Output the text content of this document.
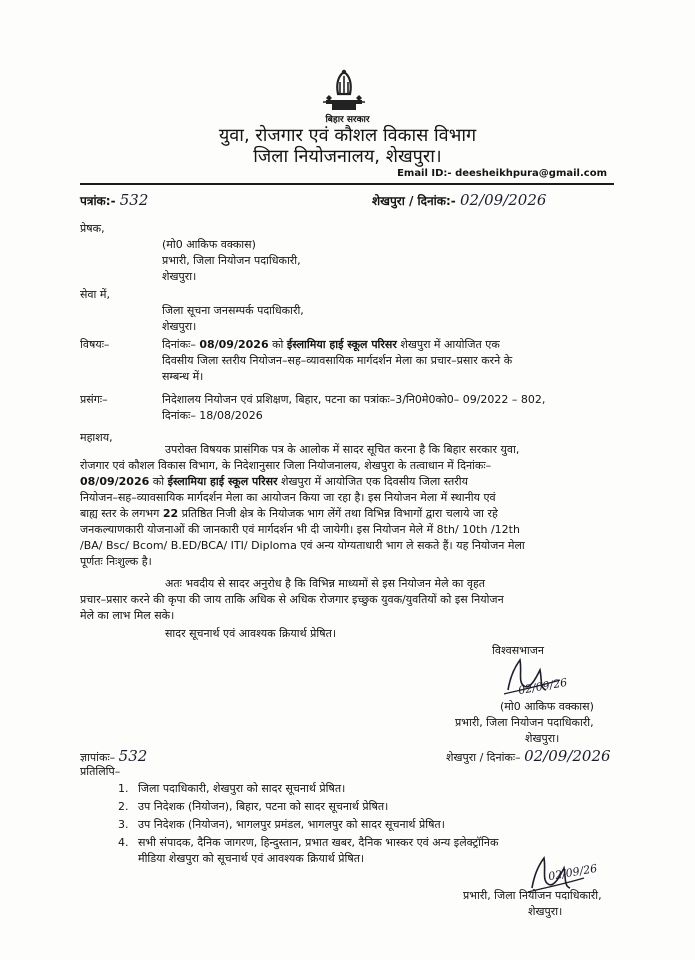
बिहार सरकार
युवा, रोजगार एवं कौशल विकास विभाग
जिला नियोजनालय, शेखपुरा।
Email ID:- deesheikhpura@gmail.com
पत्रांक:- 532	शेखपुरा / दिनांक:- 02/09/2026
प्रेषक,
(मो0 आकिफ वक्कास)
प्रभारी, जिला नियोजन पदाधिकारी,
शेखपुरा।
सेवा में,
जिला सूचना जनसम्पर्क पदाधिकारी,
शेखपुरा।
विषयः–	दिनांकः– 08/09/2026 को ईस्लामिया हाई स्कूल परिसर शेखपुरा में आयोजित एक
दिवसीय जिला स्तरीय नियोजन–सह–व्यावसायिक मार्गदर्शन मेला का प्रचार–प्रसार करने के
सम्बन्ध में।
प्रसंगः–	निदेशालय नियोजन एवं प्रशिक्षण, बिहार, पटना का पत्रांकः–3/नि0मे0को0– 09/2022 – 802,
दिनांकः– 18/08/2026
महाशय,
उपरोक्त विषयक प्रासंगिक पत्र के आलोक में सादर सूचित करना है कि बिहार सरकार युवा,
रोजगार एवं कौशल विकास विभाग, के निदेशानुसार जिला नियोजनालय, शेखपुरा के तत्वाधान में दिनांकः–
08/09/2026 को ईस्लामिया हाई स्कूल परिसर शेखपुरा में आयोजित एक दिवसीय जिला स्तरीय
नियोजन–सह–व्यावसायिक मार्गदर्शन मेला का आयोजन किया जा रहा है। इस नियोजन मेला में स्थानीय एवं
बाह्य स्तर के लगभग 22 प्रतिष्ठित निजी क्षेत्र के नियोजक भाग लेंगें तथा विभिन्न विभागों द्वारा चलाये जा रहे
जनकल्याणकारी योजनाओं की जानकारी एवं मार्गदर्शन भी दी जायेगी। इस नियोजन मेले में 8th/ 10th /12th
/BA/ Bsc/ Bcom/ B.ED/BCA/ ITI/ Diploma एवं अन्य योग्यताधारी भाग ले सकते हैं। यह नियोजन मेला
पूर्णतः निःशुल्क है।
अतः भवदीय से सादर अनुरोध है कि विभिन्न माध्यमों से इस नियोजन मेले का वृहत
प्रचार–प्रसार करने की कृपा की जाय ताकि अधिक से अधिक रोजगार इच्छुक युवक/युवतियों को इस नियोजन
मेले का लाभ मिल सके।
सादर सूचनार्थ एवं आवश्यक क्रियार्थ प्रेषित।
विश्वसभाजन
02/09/26
(मो0 आकिफ वक्कास)
प्रभारी, जिला नियोजन पदाधिकारी,
शेखपुरा।
ज्ञापांकः– 532	शेखपुरा / दिनांकः– 02/09/2026
प्रतिलिपि–
1. जिला पदाधिकारी, शेखपुरा को सादर सूचनार्थ प्रेषित।
2. उप निदेशक (नियोजन), बिहार, पटना को सादर सूचनार्थ प्रेषित।
3. उप निदेशक (नियोजन), भागलपुर प्रमंडल, भागलपुर को सादर सूचनार्थ प्रेषित।
4. सभी संपादक, दैनिक जागरण, हिन्दुस्तान, प्रभात खबर, दैनिक भास्कर एवं अन्य इलेक्ट्रॉनिक
मीडिया शेखपुरा को सूचनार्थ एवं आवश्यक क्रियार्थ प्रेषित।
02/09/26
प्रभारी, जिला नियोजन पदाधिकारी,
शेखपुरा।
